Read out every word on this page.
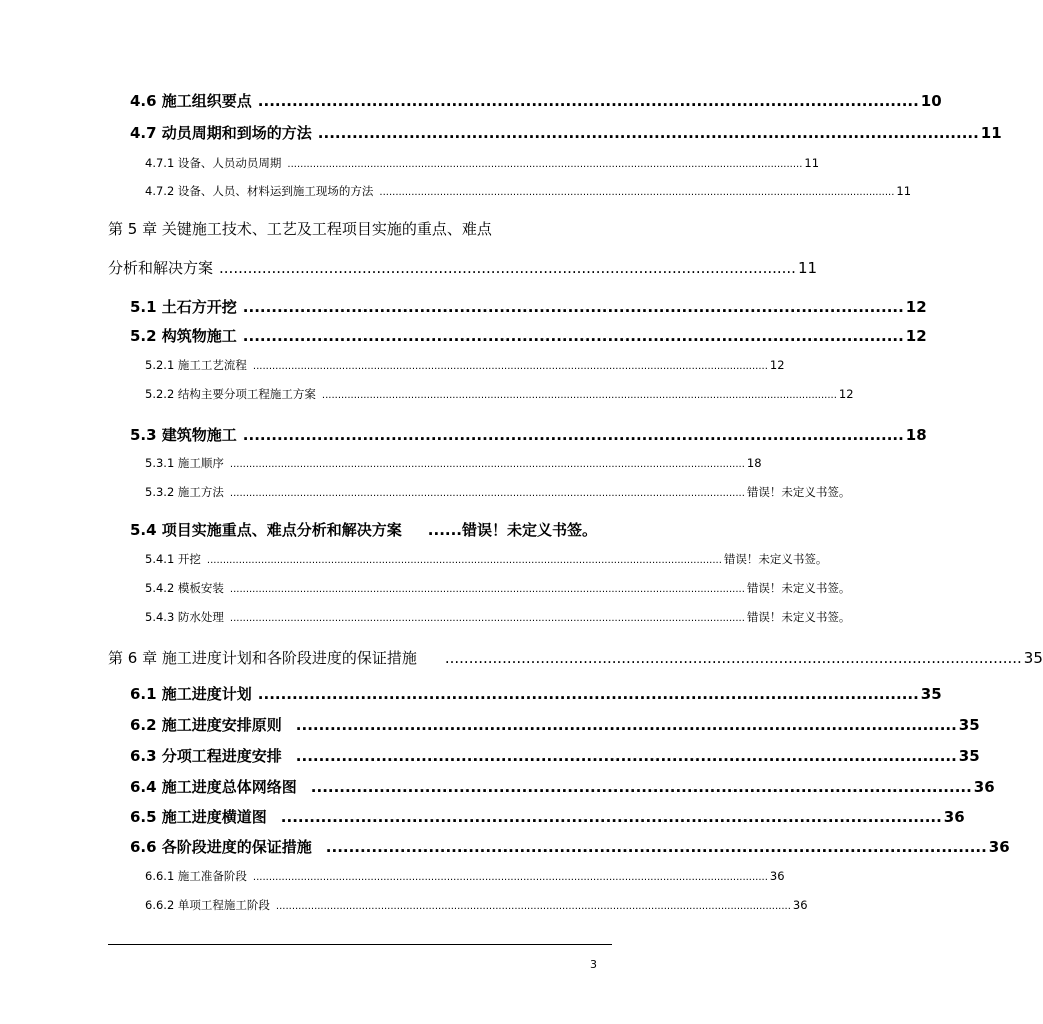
4.6 施工组织要点 .................................................................................................................... 10
4.7 动员周期和到场的方法 .................................................................................................................... 11
4.7.1 设备、人员动员周期 .................................................................................................................................................................. 11
4.7.2 设备、人员、材料运到施工现场的方法 .................................................................................................................................................................. 11
第 5 章 关键施工技术、工艺及工程项目实施的重点、难点
分析和解决方案 ......................................................................................................................... 11
5.1 土石方开挖 .................................................................................................................... 12
5.2 构筑物施工 .................................................................................................................... 12
5.2.1 施工工艺流程 .................................................................................................................................................................. 12
5.2.2 结构主要分项工程施工方案 .................................................................................................................................................................. 12
5.3 建筑物施工 .................................................................................................................... 18
5.3.1 施工顺序 .................................................................................................................................................................. 18
5.3.2 施工方法 .................................................................................................................................................................. 错误！未定义书签。
5.4 项目实施重点、难点分析和解决方案 ...... 错误！未定义书签。
5.4.1 开挖 .................................................................................................................................................................. 错误！未定义书签。
5.4.2 模板安装 .................................................................................................................................................................. 错误！未定义书签。
5.4.3 防水处理 .................................................................................................................................................................. 错误！未定义书签。
第 6 章 施工进度计划和各阶段进度的保证措施 ......................................................................................................................... 35
6.1 施工进度计划 .................................................................................................................... 35
6.2 施工进度安排原则 .................................................................................................................... 35
6.3 分项工程进度安排 .................................................................................................................... 35
6.4 施工进度总体网络图 .................................................................................................................... 36
6.5 施工进度横道图 .................................................................................................................... 36
6.6 各阶段进度的保证措施 .................................................................................................................... 36
6.6.1 施工准备阶段 .................................................................................................................................................................. 36
6.6.2 单项工程施工阶段 .................................................................................................................................................................. 36
3
